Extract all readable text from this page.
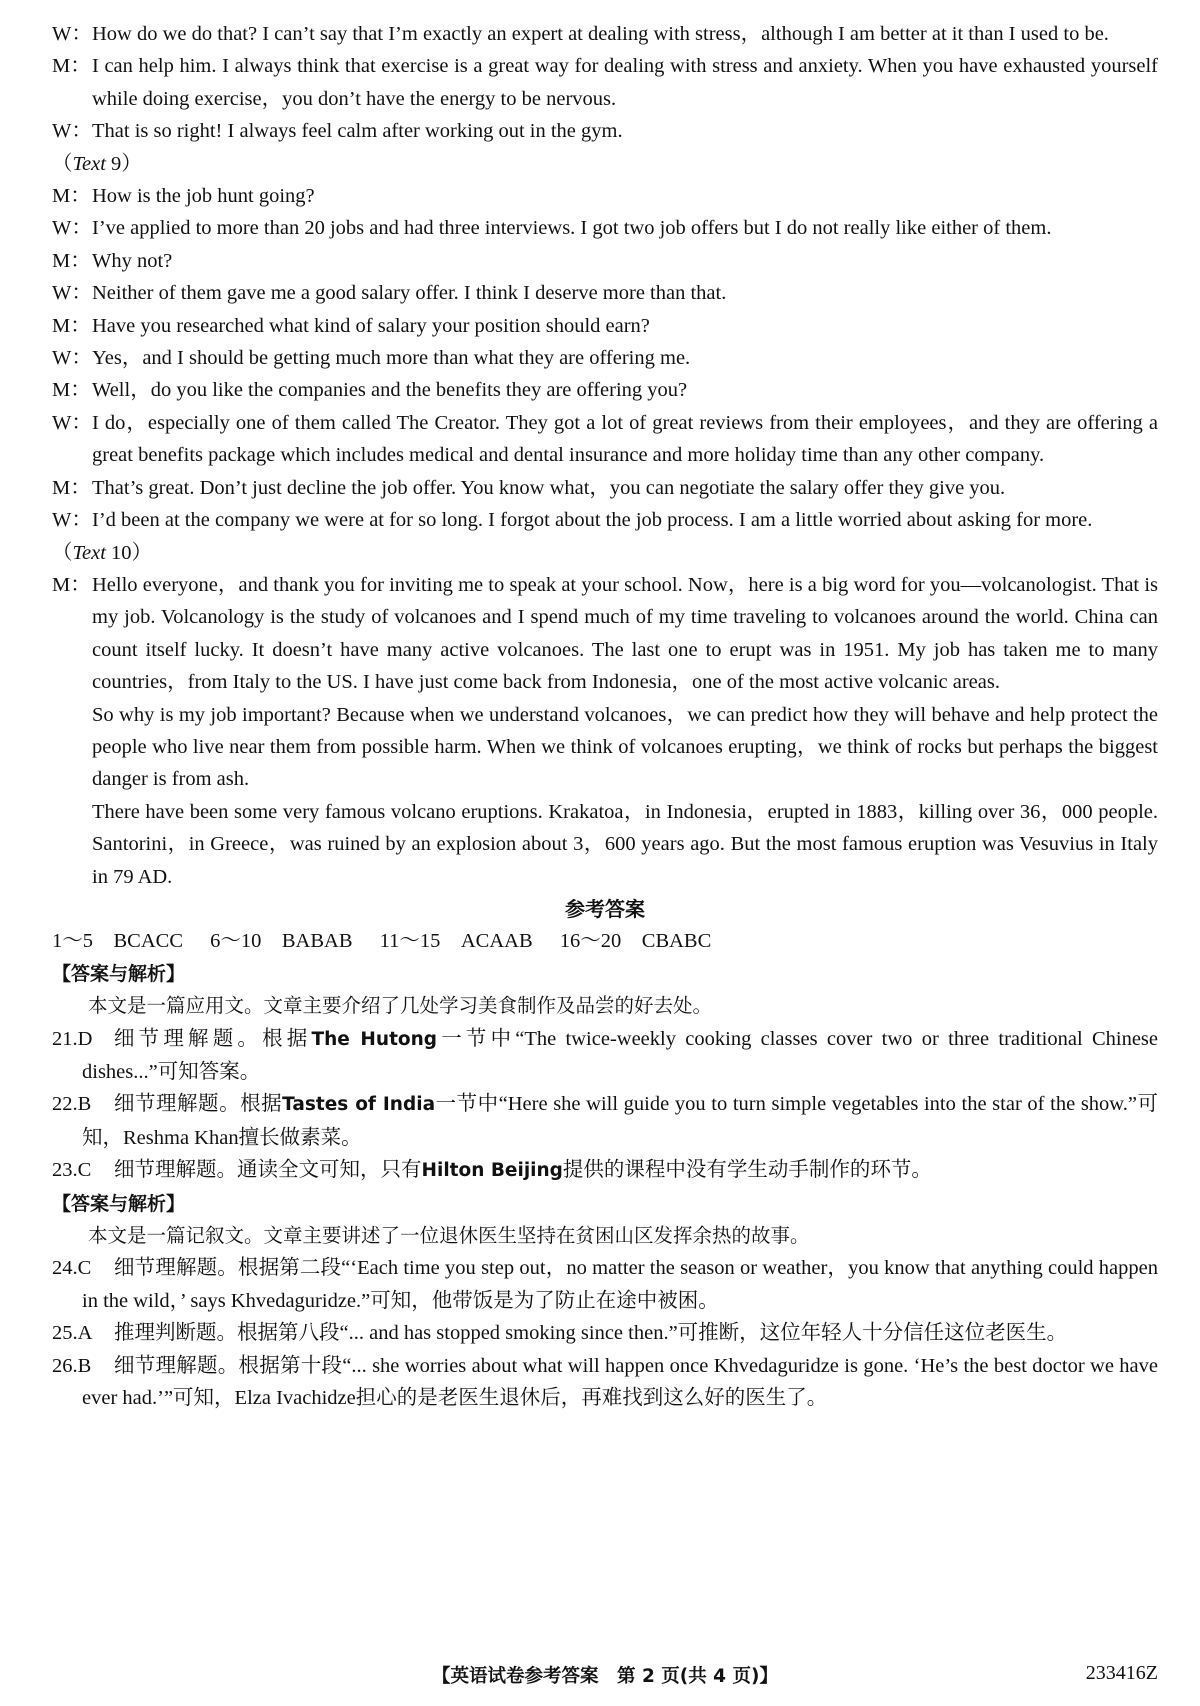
W： How do we do that? I can’t say that I’m exactly an expert at dealing with stress，although I am better at it than I used to be.
M： I can help him. I always think that exercise is a great way for dealing with stress and anxiety. When you have exhausted yourself while doing exercise，you don’t have the energy to be nervous.
W： That is so right! I always feel calm after working out in the gym.

（Text 9）

M： How is the job hunt going?
W： I’ve applied to more than 20 jobs and had three interviews. I got two job offers but I do not really like either of them.
M： Why not?
W： Neither of them gave me a good salary offer. I think I deserve more than that.
M： Have you researched what kind of salary your position should earn?
W： Yes，and I should be getting much more than what they are offering me.
M： Well，do you like the companies and the benefits they are offering you?
W： I do，especially one of them called The Creator. They got a lot of great reviews from their employees，and they are offering a great benefits package which includes medical and dental insurance and more holiday time than any other company.
M： That’s great. Don’t just decline the job offer. You know what，you can negotiate the salary offer they give you.
W： I’d been at the company we were at for so long. I forgot about the job process. I am a little worried about asking for more.

（Text 10）

M： Hello everyone，and thank you for inviting me to speak at your school. Now，here is a big word for you—volcanologist. That is my job. Volcanology is the study of volcanoes and I spend much of my time traveling to volcanoes around the world. China can count itself lucky. It doesn’t have many active volcanoes. The last one to erupt was in 1951. My job has taken me to many countries，from Italy to the US. I have just come back from Indonesia，one of the most active volcanic areas.

So why is my job important? Because when we understand volcanoes，we can predict how they will behave and help protect the people who live near them from possible harm. When we think of volcanoes erupting，we think of rocks but perhaps the biggest danger is from ash.

There have been some very famous volcano eruptions. Krakatoa，in Indonesia，erupted in 1883，killing over 36，000 people. Santorini，in Greece，was ruined by an explosion about 3，600 years ago. But the most famous eruption was Vesuvius in Italy in 79 AD.

参考答案

1～5　BCACC 6～10　BABAB 11～15　ACAAB 16～20　CBABC

【答案与解析】

本文是一篇应用文。文章主要介绍了几处学习美食制作及品尝的好去处。

21.D 细节理解题。根据The Hutong一节中“The twice-weekly cooking classes cover two or three traditional Chinese dishes...”可知答案。
22.B 细节理解题。根据Tastes of India一节中“Here she will guide you to turn simple vegetables into the star of the show.”可知，Reshma Khan擅长做素菜。
23.C 细节理解题。通读全文可知，只有Hilton Beijing提供的课程中没有学生动手制作的环节。

【答案与解析】

本文是一篇记叙文。文章主要讲述了一位退休医生坚持在贫困山区发挥余热的故事。

24.C 细节理解题。根据第二段“‘Each time you step out，no matter the season or weather，you know that anything could happen in the wild，’ says Khvedaguridze.”可知，他带饭是为了防止在途中被困。
25.A 推理判断题。根据第八段“... and has stopped smoking since then.”可推断，这位年轻人十分信任这位老医生。
26.B 细节理解题。根据第十段“... she worries about what will happen once Khvedaguridze is gone. ‘He’s the best doctor we have ever had.’”可知，Elza Ivachidze担心的是老医生退休后，再难找到这么好的医生了。
【英语试卷参考答案　第 2 页(共 4 页)】	233416Z
